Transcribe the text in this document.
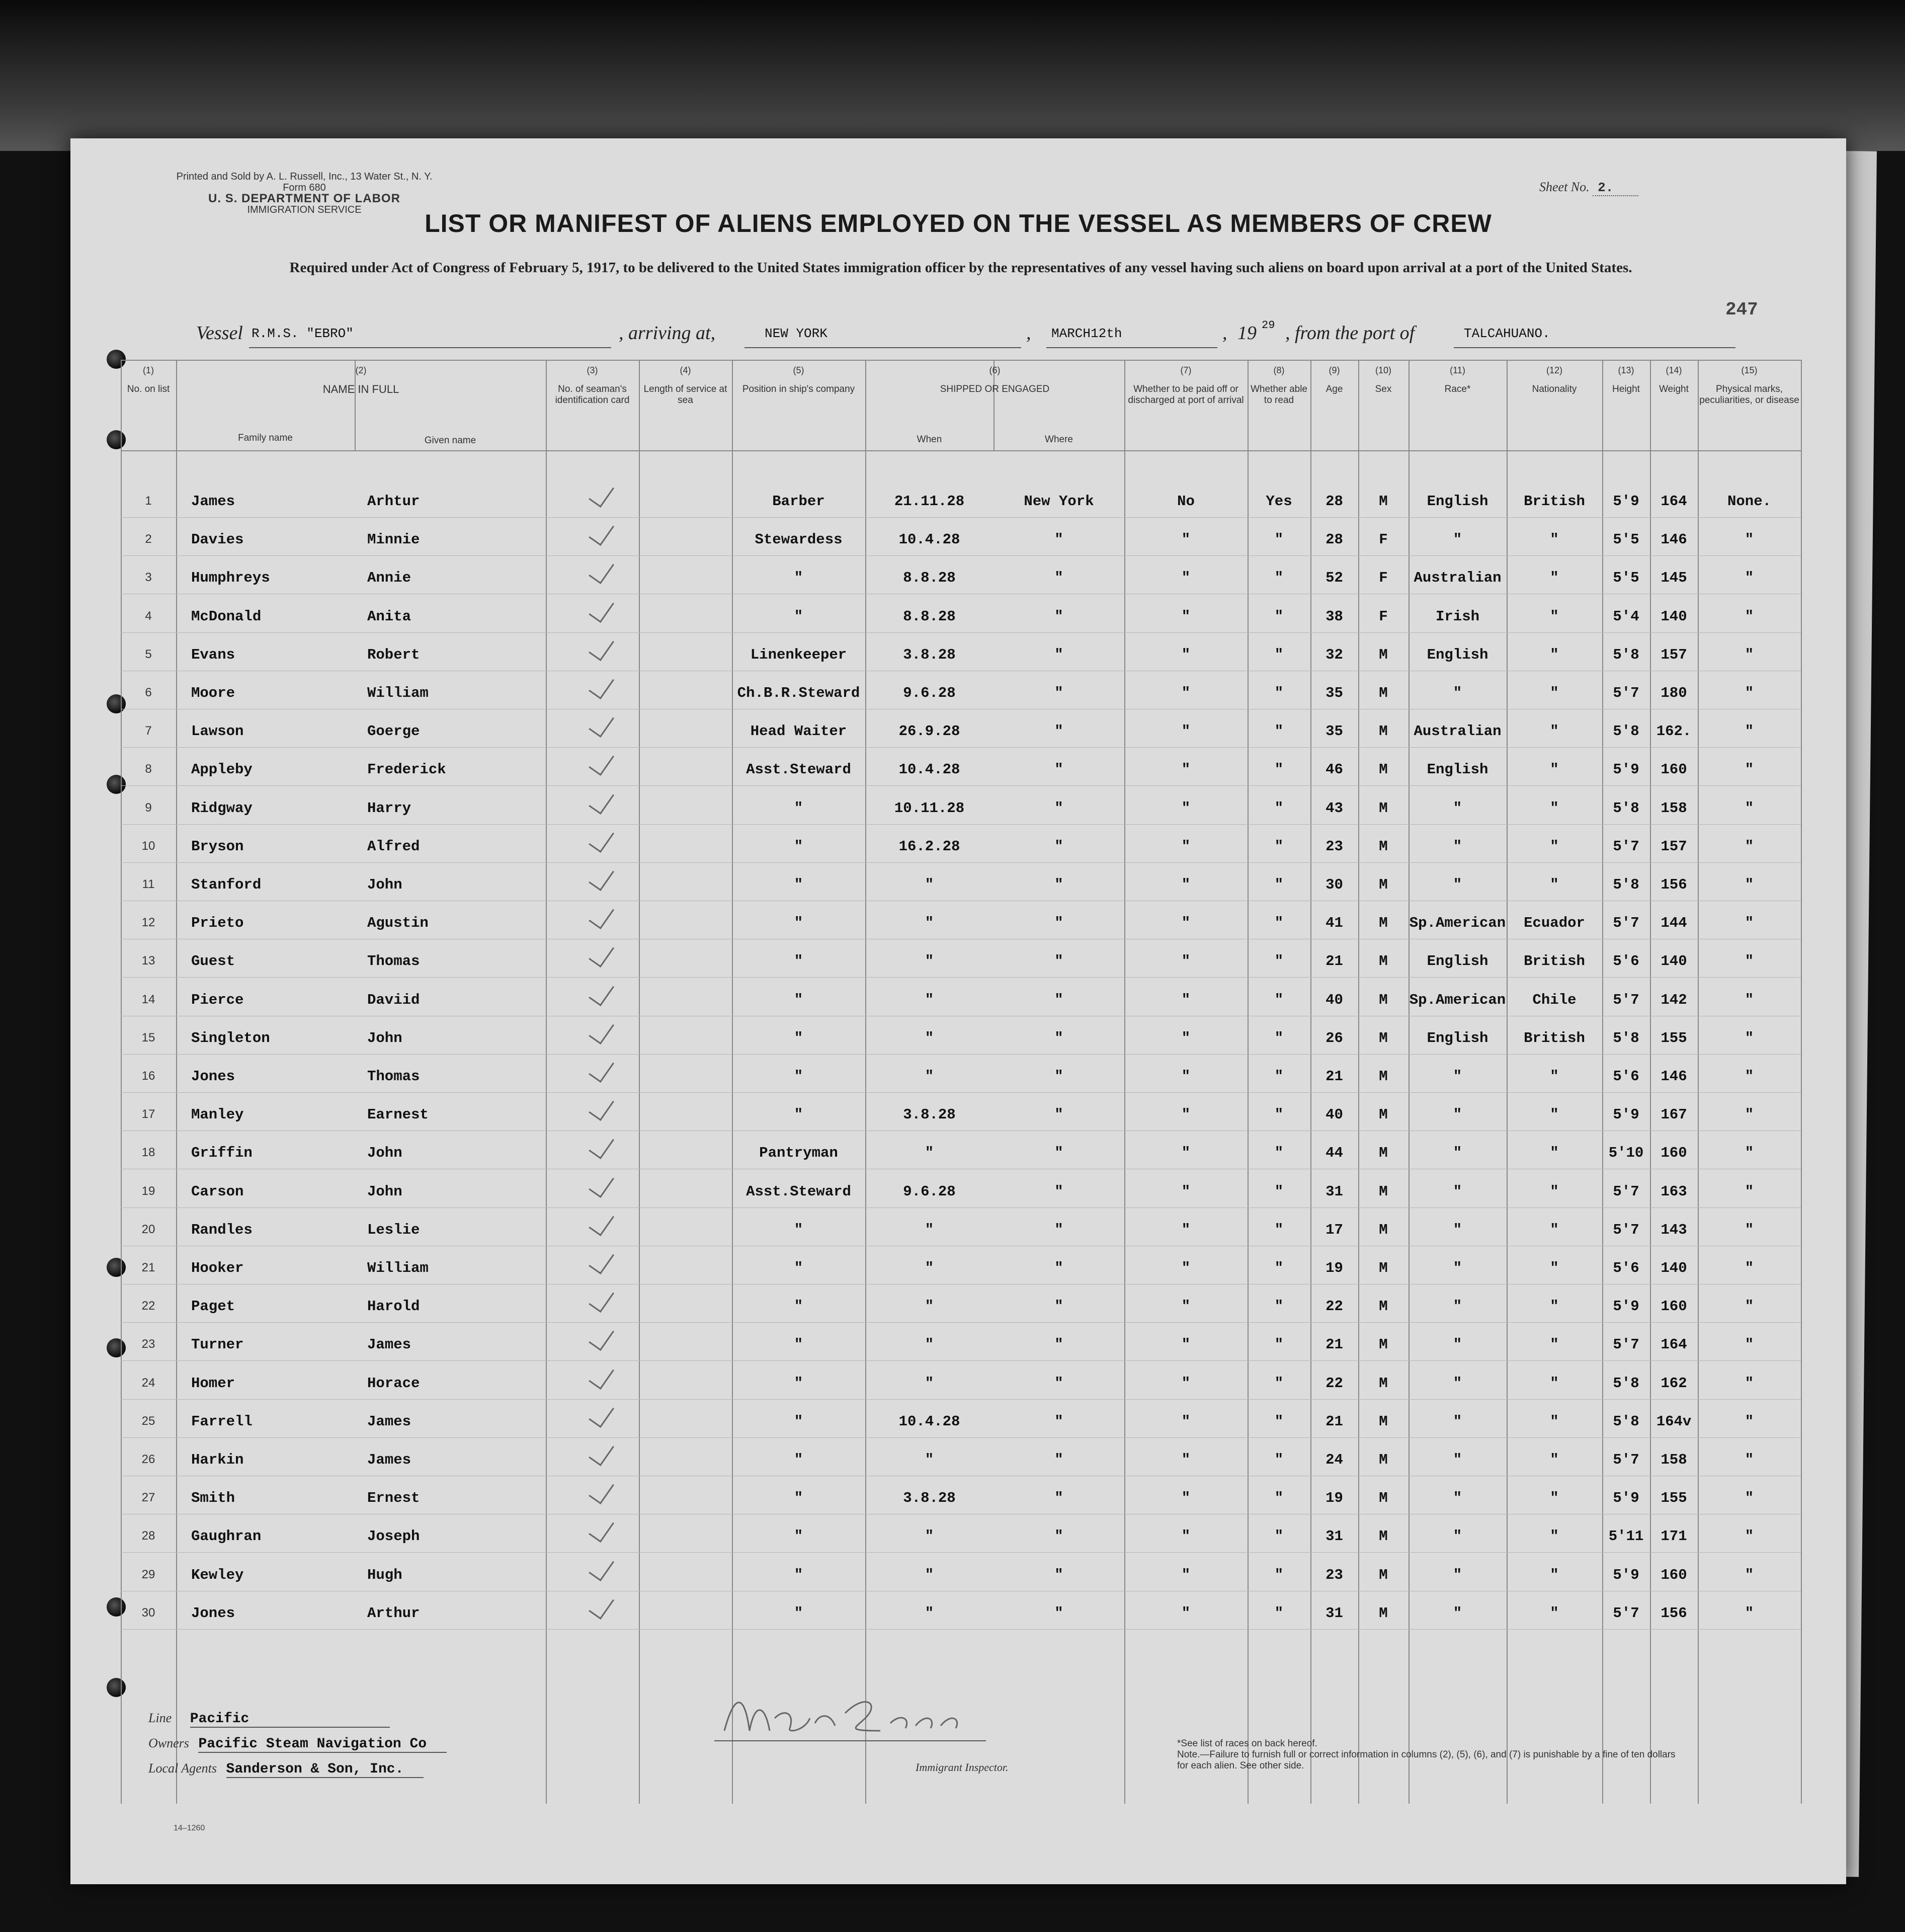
Printed and Sold by A. L. Russell, Inc., 13 Water St., N. Y.
Form 680
U. S. DEPARTMENT OF LABOR
IMMIGRATION SERVICE
Sheet No. 2.
LIST OR MANIFEST OF ALIENS EMPLOYED ON THE VESSEL AS MEMBERS OF CREW
Required under Act of Congress of February 5, 1917, to be delivered to the United States immigration officer by the representatives of any vessel having such aliens on board upon arrival at a port of the United States.
247
Vessel R.M.S. "EBRO"	, arriving at,	NEW YORK	, MARCH12th	, 19 29 , from the port of	TALCAHUANO.
(1)
No. on list
(2)
NAME IN FULL
Family name	Given name
(3)
No. of seaman's identification card
(4)
Length of service at sea
(5)
Position in ship's company
(6)
SHIPPED OR ENGAGED
When	Where
(7)
Whether to be paid off or discharged at port of arrival
(8)
Whether able to read
(9)
Age
(10)
Sex
(11)
Race*
(12)
Nationality
(13)
Height
(14)
Weight
(15)
Physical marks, peculiarities, or disease
1	James	Arhtur	Barber	21.11.28	New York	No	Yes	28	M	English	British	5'9	164	None.
2	Davies	Minnie	Stewardess	10.4.28	"	"	"	28	F	"	"	5'5	146	"
3	Humphreys	Annie	"	8.8.28	"	"	"	52	F	Australian	"	5'5	145	"
4	McDonald	Anita	"	8.8.28	"	"	"	38	F	Irish	"	5'4	140	"
5	Evans	Robert	Linenkeeper	3.8.28	"	"	"	32	M	English	"	5'8	157	"
6	Moore	William	Ch.B.R.Steward	9.6.28	"	"	"	35	M	"	"	5'7	180	"
7	Lawson	Goerge	Head Waiter	26.9.28	"	"	"	35	M	Australian	"	5'8	162.	"
8	Appleby	Frederick	Asst.Steward	10.4.28	"	"	"	46	M	English	"	5'9	160	"
9	Ridgway	Harry	"	10.11.28	"	"	"	43	M	"	"	5'8	158	"
10	Bryson	Alfred	"	16.2.28	"	"	"	23	M	"	"	5'7	157	"
11	Stanford	John	"	"	"	"	"	30	M	"	"	5'8	156	"
12	Prieto	Agustin	"	"	"	"	"	41	M	Sp.American	Ecuador	5'7	144	"
13	Guest	Thomas	"	"	"	"	"	21	M	English	British	5'6	140	"
14	Pierce	Daviid	"	"	"	"	"	40	M	Sp.American	Chile	5'7	142	"
15	Singleton	John	"	"	"	"	"	26	M	English	British	5'8	155	"
16	Jones	Thomas	"	"	"	"	"	21	M	"	"	5'6	146	"
17	Manley	Earnest	"	3.8.28	"	"	"	40	M	"	"	5'9	167	"
18	Griffin	John	Pantryman	"	"	"	"	44	M	"	"	5'10	160	"
19	Carson	John	Asst.Steward	9.6.28	"	"	"	31	M	"	"	5'7	163	"
20	Randles	Leslie	"	"	"	"	"	17	M	"	"	5'7	143	"
21	Hooker	William	"	"	"	"	"	19	M	"	"	5'6	140	"
22	Paget	Harold	"	"	"	"	"	22	M	"	"	5'9	160	"
23	Turner	James	"	"	"	"	"	21	M	"	"	5'7	164	"
24	Homer	Horace	"	"	"	"	"	22	M	"	"	5'8	162	"
25	Farrell	James	"	10.4.28	"	"	"	21	M	"	"	5'8	164v	"
26	Harkin	James	"	"	"	"	"	24	M	"	"	5'7	158	"
27	Smith	Ernest	"	3.8.28	"	"	"	19	M	"	"	5'9	155	"
28	Gaughran	Joseph	"	"	"	"	"	31	M	"	"	5'11	171	"
29	Kewley	Hugh	"	"	"	"	"	23	M	"	"	5'9	160	"
30	Jones	Arthur	"	"	"	"	"	31	M	"	"	5'7	156	"
Line Pacific
Owners Pacific Steam Navigation Co
Local Agents Sanderson & Son, Inc.	Immigrant Inspector.
*See list of races on back hereof.
Note.—Failure to furnish full or correct information in columns (2), (5), (6), and (7) is punishable by a fine of ten dollars for each alien. See other side.
14–1260
